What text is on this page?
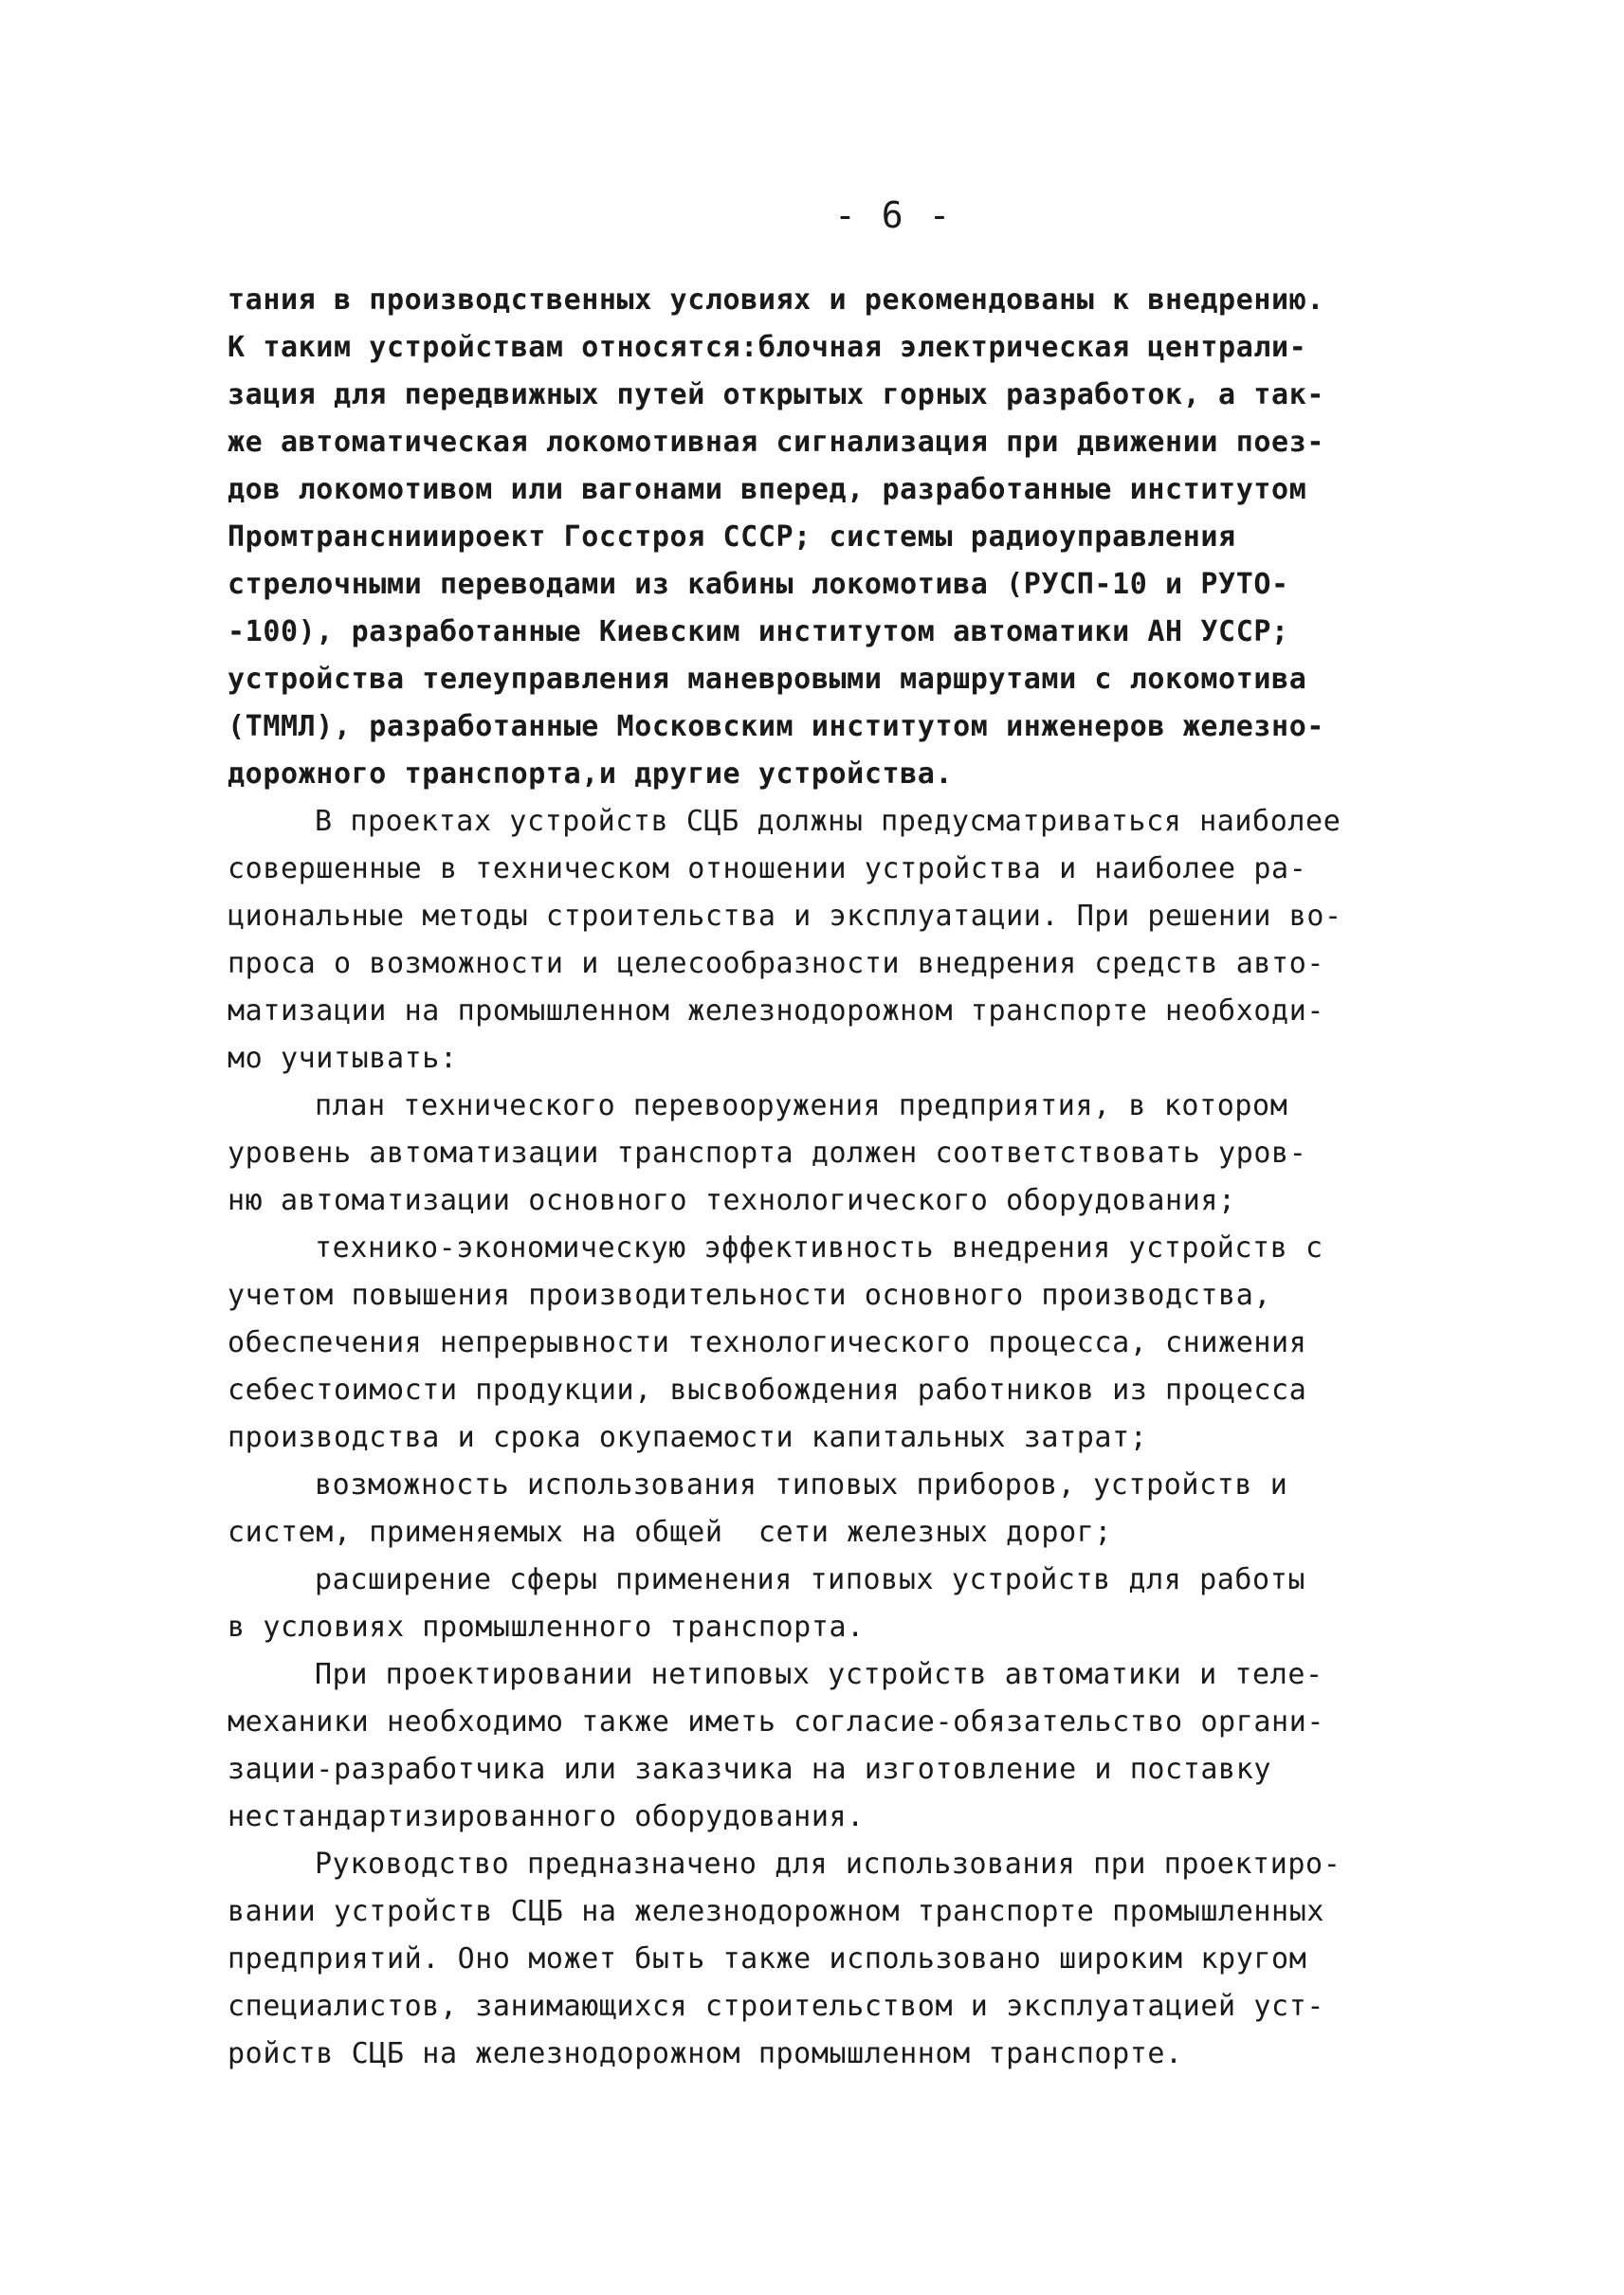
- 6 -
тания в производственных условиях и рекомендованы к внедрению.
К таким устройствам относятся:блочная электрическая централи-
зация для передвижных путей открытых горных разработок, а так-
же автоматическая локомотивная сигнализация при движении поез-
дов локомотивом или вагонами вперед, разработанные институтом
Промтранснииироект Госстроя СССР; системы радиоуправления
стрелочными переводами из кабины локомотива (РУСП-10 и РУТО-
-100), разработанные Киевским институтом автоматики АН УССР;
устройства телеуправления маневровыми маршрутами с локомотива
(ТММЛ), разработанные Московским институтом инженеров железно-
дорожного транспорта,и другие устройства.
В проектах устройств СЦБ должны предусматриваться наиболее
совершенные в техническом отношении устройства и наиболее ра-
циональные методы строительства и эксплуатации. При решении во-
проса о возможности и целесообразности внедрения средств авто-
матизации на промышленном железнодорожном транспорте необходи-
мо учитывать:
план технического перевооружения предприятия, в котором
уровень автоматизации транспорта должен соответствовать уров-
ню автоматизации основного технологического оборудования;
технико-экономическую эффективность внедрения устройств с
учетом повышения производительности основного производства,
обеспечения непрерывности технологического процесса, снижения
себестоимости продукции, высвобождения работников из процесса
производства и срока окупаемости капитальных затрат;
возможность использования типовых приборов, устройств и
систем, применяемых на общей  сети железных дорог;
расширение сферы применения типовых устройств для работы
в условиях промышленного транспорта.
При проектировании нетиповых устройств автоматики и теле-
механики необходимо также иметь согласие-обязательство органи-
зации-разработчика или заказчика на изготовление и поставку
нестандартизированного оборудования.
Руководство предназначено для использования при проектиро-
вании устройств СЦБ на железнодорожном транспорте промышленных
предприятий. Оно может быть также использовано широким кругом
специалистов, занимающихся строительством и эксплуатацией уст-
ройств СЦБ на железнодорожном промышленном транспорте.
